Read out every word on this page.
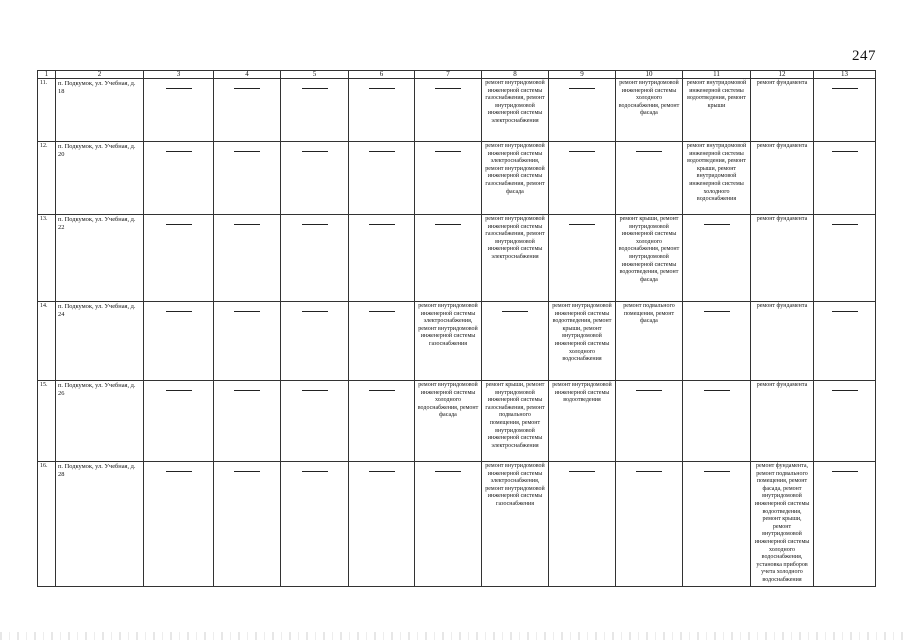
247
1	2	3	4	5	6	7	8	9	10	11	12	13
11.	п. Подкумок, ул. Учебная, д. 18						ремонт внутридомовой инженерной системы газоснабжения, ремонт внутридомовой инженерной системы электроснабжения		ремонт внутридомовой инженерной системы холодного водоснабжения, ремонт фасада	ремонт внутридомовой инженерной системы водоотведения, ремонт крыши	ремонт фундамента	
12.	п. Подкумок, ул. Учебная, д. 20						ремонт внутридомовой инженерной системы электроснабжения, ремонт внутридомовой инженерной системы газоснабжения, ремонт фасада			ремонт внутридомовой инженерной системы водоотведения, ремонт крыши, ремонт внутридомовой инженерной системы холодного водоснабжения	ремонт фундамента	
13.	п. Подкумок, ул. Учебная, д. 22						ремонт внутридомовой инженерной системы газоснабжения, ремонт внутридомовой инженерной системы электроснабжения		ремонт крыши, ремонт внутридомовой инженерной системы холодного водоснабжения, ремонт внутридомовой инженерной системы водоотведения, ремонт фасада		ремонт фундамента	
14.	п. Подкумок, ул. Учебная, д. 24					ремонт внутридомовой инженерной системы электроснабжения, ремонт внутридомовой инженерной системы газоснабжения		ремонт внутридомовой инженерной системы водоотведения, ремонт крыши, ремонт внутридомовой инженерной системы холодного водоснабжения	ремонт подвального помещения, ремонт фасада		ремонт фундамента	
15.	п. Подкумок, ул. Учебная, д. 26					ремонт внутридомовой инженерной системы холодного водоснабжения, ремонт фасада	ремонт крыши, ремонт внутридомовой инженерной системы газоснабжения, ремонт подвального помещения, ремонт внутридомовой инженерной системы электроснабжения	ремонт внутридомовой инженерной системы водоотведения			ремонт фундамента	
16.	п. Подкумок, ул. Учебная, д. 28						ремонт внутридомовой инженерной системы электроснабжения, ремонт внутридомовой инженерной системы газоснабжения				ремонт фундамента, ремонт подвального помещения, ремонт фасада, ремонт внутридомовой инженерной системы водоотведения, ремонт крыши, ремонт внутридомовой инженерной системы холодного водоснабжения, установка приборов учета холодного водоснабжения	
